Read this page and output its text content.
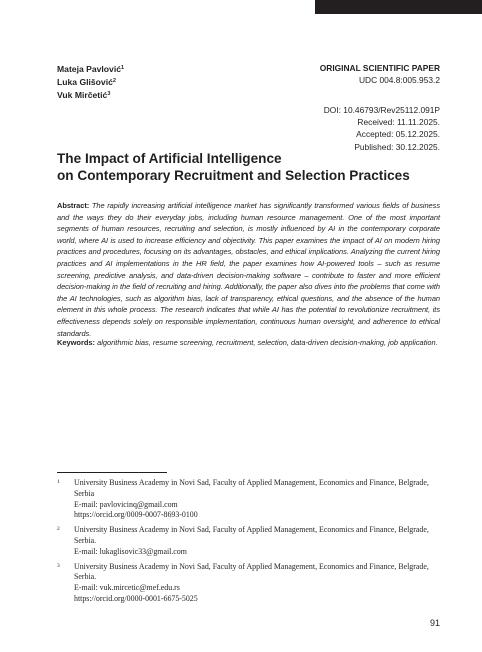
Mateja Pavlović$^1$
Luka Glišović$^2$
Vuk Mirčetić$^3$
ORIGINAL SCIENTIFIC PAPER
UDC 004.8:005.953.2
DOI: 10.46793/Rev25112.091P
Received: 11.11.2025.
Accepted: 05.12.2025.
Published: 30.12.2025.
The Impact of Artificial Intelligence
on Contemporary Recruitment and Selection Practices
Abstract: The rapidly increasing artificial intelligence market has significantly transformed various fields of business and the ways they do their everyday jobs, including human resource management. One of the most important segments of human resources, recruiting and selection, is mostly influenced by AI in the contemporary corporate world, where AI is used to increase efficiency and objectivity. This paper examines the impact of AI on modern hiring practices and procedures, focusing on its advantages, obstacles, and ethical implications. Analyzing the current hiring practices and AI implementations in the HR field, the paper examines how AI-powered tools – such as resume screening, predictive analysis, and data-driven decision-making software – contribute to faster and more efficient decision-making in the field of recruiting and hiring. Additionally, the paper also dives into the problems that come with the AI technologies, such as algorithm bias, lack of transparency, ethical questions, and the absence of the human element in this whole process. The research indicates that while AI has the potential to revolutionize recruitment, its effectiveness depends solely on responsible implementation, continuous human oversight, and adherence to ethical standards.
Keywords: algorithmic bias, resume screening, recruitment, selection, data-driven decision-making, job application.
1	University Business Academy in Novi Sad, Faculty of Applied Management, Economics and Finance, Belgrade, Serbia
E-mail: pavlovicinq@gmail.com
https://orcid.org/0009-0007-8693-0100
2	University Business Academy in Novi Sad, Faculty of Applied Management, Economics and Finance, Belgrade, Serbia.
E-mail: lukaglisovic33@gmail.com
3	University Business Academy in Novi Sad, Faculty of Applied Management, Economics and Finance, Belgrade, Serbia.
E-mail: vuk.mircetic@mef.edu.rs
https://orcid.org/0000-0001-6675-5025
91
